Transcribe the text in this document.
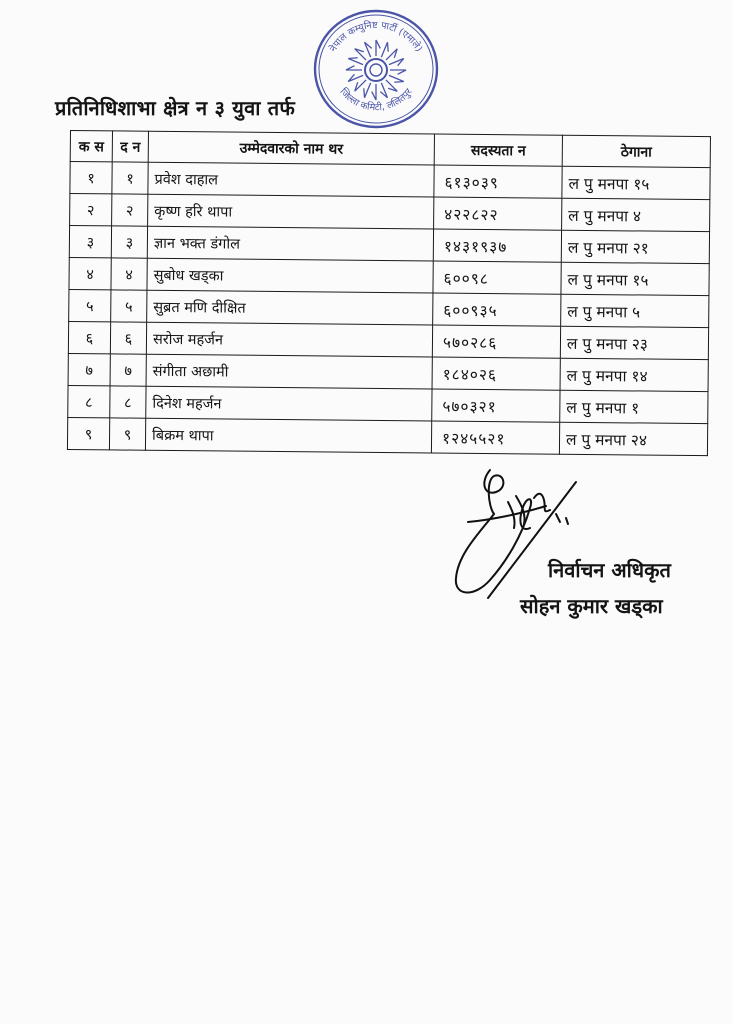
नेपाल कम्युनिष्ट पार्टी (एमाले)
जिल्ला कमिटी, ललितपुर
प्रतिनिधिशाभा क्षेत्र न ३ युवा तर्फ
क स	द न	उम्मेदवारको नाम थर	सदस्यता न	ठेगाना
१	१	प्रवेश दाहाल	६१३०३९	ल पु मनपा १५
२	२	कृष्ण हरि थापा	४२२८२२	ल पु मनपा ४
३	३	ज्ञान भक्त डंगोल	१४३१९३७	ल पु मनपा २१
४	४	सुबोध खड्का	६००९८	ल पु मनपा १५
५	५	सुब्रत मणि दीक्षित	६००९३५	ल पु मनपा ५
६	६	सरोज महर्जन	५७०२८६	ल पु मनपा २३
७	७	संगीता अछामी	१८४०२६	ल पु मनपा १४
८	८	दिनेश महर्जन	५७०३२१	ल पु मनपा १
९	९	बिक्रम थापा	१२४५५२१	ल पु मनपा २४
निर्वाचन अधिकृत
सोहन कुमार खड्का
